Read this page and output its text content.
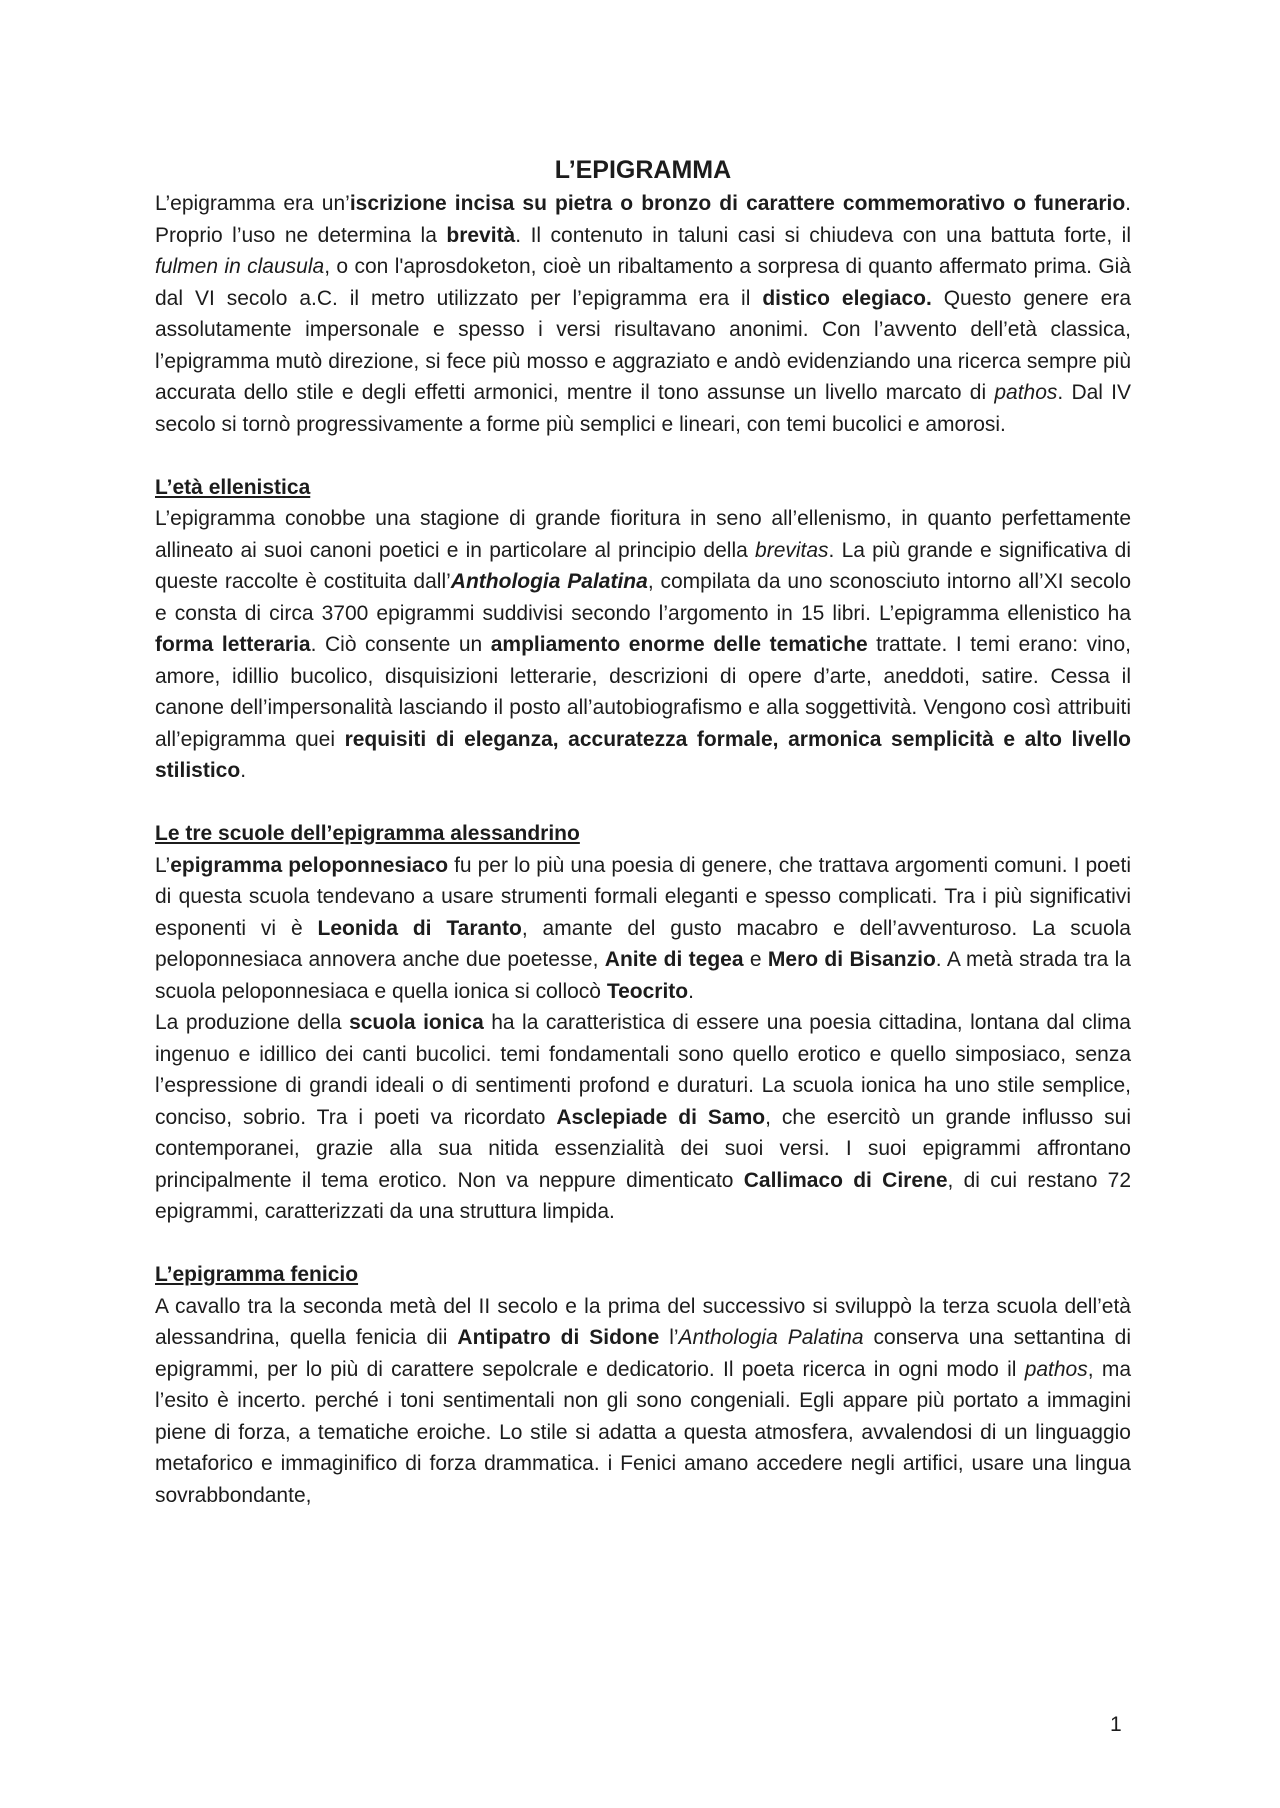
L’EPIGRAMMA

L’epigramma era un’iscrizione incisa su pietra o bronzo di carattere commemorativo o funerario. Proprio l’uso ne determina la brevità. Il contenuto in taluni casi si chiudeva con una battuta forte, il fulmen in clausula, o con l'aprosdoketon, cioè un ribaltamento a sorpresa di quanto affermato prima. Già dal VI secolo a.C. il metro utilizzato per l’epigramma era il distico elegiaco. Questo genere era assolutamente impersonale e spesso i versi risultavano anonimi. Con l’avvento dell’età classica, l’epigramma mutò direzione, si fece più mosso e aggraziato e andò evidenziando una ricerca sempre più accurata dello stile e degli effetti armonici, mentre il tono assunse un livello marcato di pathos. Dal IV secolo si tornò progressivamente a forme più semplici e lineari, con temi bucolici e amorosi.

L’età ellenistica

L’epigramma conobbe una stagione di grande fioritura in seno all’ellenismo, in quanto perfettamente allineato ai suoi canoni poetici e in particolare al principio della brevitas. La più grande e significativa di queste raccolte è costituita dall’Anthologia Palatina, compilata da uno sconosciuto intorno all’XI secolo e consta di circa 3700 epigrammi suddivisi secondo l’argomento in 15 libri. L’epigramma ellenistico ha forma letteraria. Ciò consente un ampliamento enorme delle tematiche trattate. I temi erano: vino, amore, idillio bucolico, disquisizioni letterarie, descrizioni di opere d’arte, aneddoti, satire. Cessa il canone dell’impersonalità lasciando il posto all’autobiografismo e alla soggettività. Vengono così attribuiti all’epigramma quei requisiti di eleganza, accuratezza formale, armonica semplicità e alto livello stilistico.

Le tre scuole dell’epigramma alessandrino

L’epigramma peloponnesiaco fu per lo più una poesia di genere, che trattava argomenti comuni. I poeti di questa scuola tendevano a usare strumenti formali eleganti e spesso complicati. Tra i più significativi esponenti vi è Leonida di Taranto, amante del gusto macabro e dell’avventuroso. La scuola peloponnesiaca annovera anche due poetesse, Anite di tegea e Mero di Bisanzio. A metà strada tra la scuola peloponnesiaca e quella ionica si collocò Teocrito.

La produzione della scuola ionica ha la caratteristica di essere una poesia cittadina, lontana dal clima ingenuo e idillico dei canti bucolici. temi fondamentali sono quello erotico e quello simposiaco, senza l’espressione di grandi ideali o di sentimenti profond e duraturi. La scuola ionica ha uno stile semplice, conciso, sobrio. Tra i poeti va ricordato Asclepiade di Samo, che esercitò un grande influsso sui contemporanei, grazie alla sua nitida essenzialità dei suoi versi. I suoi epigrammi affrontano principalmente il tema erotico. Non va neppure dimenticato Callimaco di Cirene, di cui restano 72 epigrammi, caratterizzati da una struttura limpida.

L’epigramma fenicio

A cavallo tra la seconda metà del II secolo e la prima del successivo si sviluppò la terza scuola dell’età alessandrina, quella fenicia dii Antipatro di Sidone l’Anthologia Palatina conserva una settantina di epigrammi, per lo più di carattere sepolcrale e dedicatorio. Il poeta ricerca in ogni modo il pathos, ma l’esito è incerto. perché i toni sentimentali non gli sono congeniali. Egli appare più portato a immagini piene di forza, a tematiche eroiche. Lo stile si adatta a questa atmosfera, avvalendosi di un linguaggio metaforico e immaginifico di forza drammatica. i Fenici amano accedere negli artifici, usare una lingua sovrabbondante,

1
